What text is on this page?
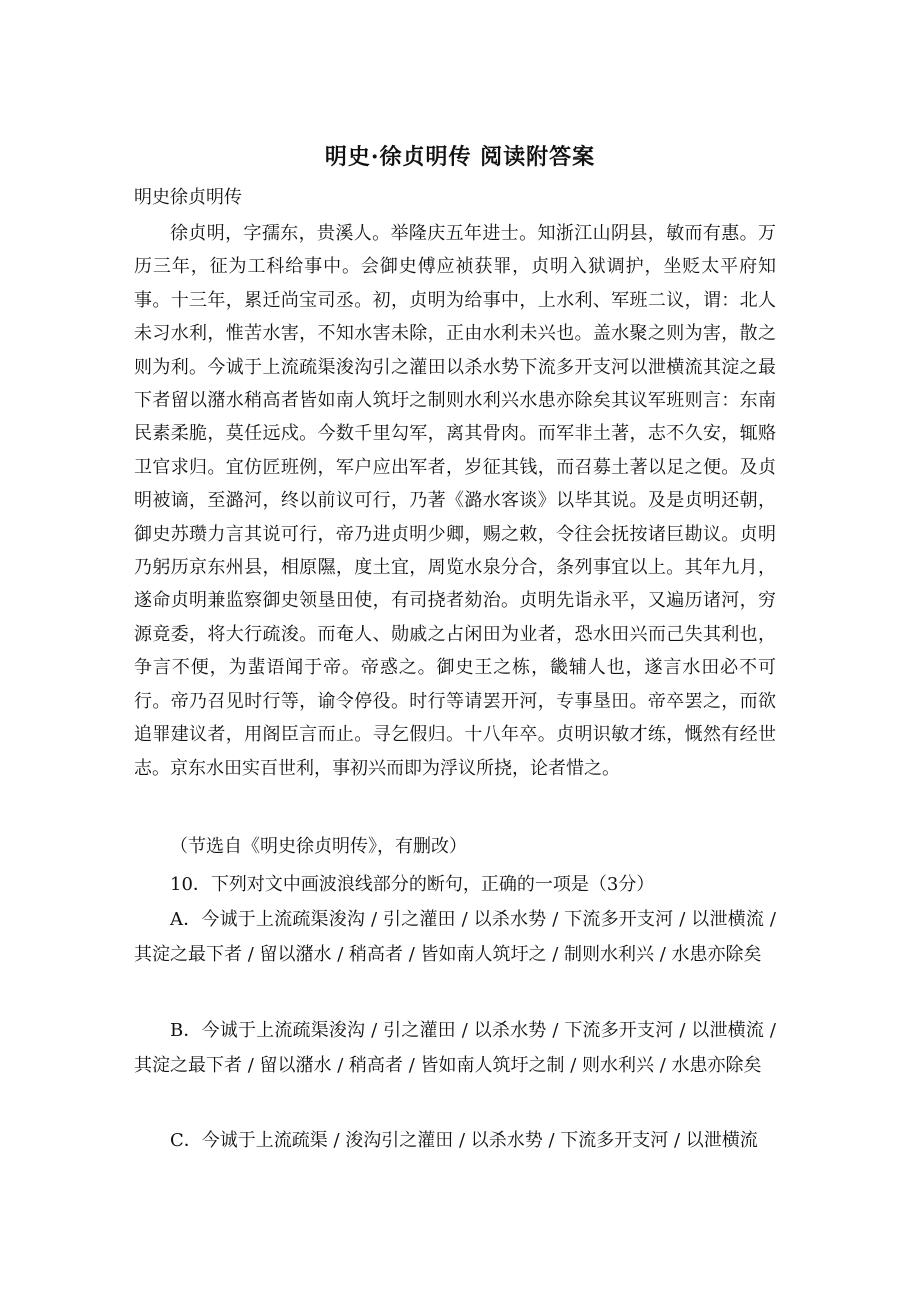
明史·徐贞明传 阅读附答案

明史徐贞明传

徐贞明，字孺东，贵溪人。举隆庆五年进士。知浙江山阴县，敏而有惠。万历三年，征为工科给事中。会御史傅应祯获罪，贞明入狱调护，坐贬太平府知事。十三年，累迁尚宝司丞。初，贞明为给事中，上水利、军班二议，谓：北人未习水利，惟苦水害，不知水害未除，正由水利未兴也。盖水聚之则为害，散之则为利。今诚于上流疏渠浚沟引之灌田以杀水势下流多开支河以泄横流其淀之最下者留以潴水稍高者皆如南人筑圩之制则水利兴水患亦除矣其议军班则言：东南民素柔脆，莫任远戍。今数千里勾军，离其骨肉。而军非土著，志不久安，辄赂卫官求归。宜仿匠班例，军户应出军者，岁征其钱，而召募土著以足之便。及贞明被谪，至潞河，终以前议可行，乃著《潞水客谈》以毕其说。及是贞明还朝，御史苏瓒力言其说可行，帝乃进贞明少卿，赐之敕，令往会抚按诸巨勘议。贞明乃躬历京东州县，相原隰，度土宜，周览水泉分合，条列事宜以上。其年九月，遂命贞明兼监察御史领垦田使，有司挠者劾治。贞明先诣永平，又遍历诸河，穷源竟委，将大行疏浚。而奄人、勋戚之占闲田为业者，恐水田兴而己失其利也，争言不便，为蜚语闻于帝。帝惑之。御史王之栋，畿辅人也，遂言水田必不可行。帝乃召见时行等，谕令停役。时行等请罢开河，专事垦田。帝卒罢之，而欲追罪建议者，用阁臣言而止。寻乞假归。十八年卒。贞明识敏才练，慨然有经世志。京东水田实百世利，事初兴而即为浮议所挠，论者惜之。

（节选自《明史徐贞明传》，有删改）
10．下列对文中画波浪线部分的断句，正确的一项是（3分）

A．今诚于上流疏渠浚沟 / 引之灌田 / 以杀水势 / 下流多开支河 / 以泄横流 / 其淀之最下者 / 留以潴水 / 稍高者 / 皆如南人筑圩之 / 制则水利兴 / 水患亦除矣

B．今诚于上流疏渠浚沟 / 引之灌田 / 以杀水势 / 下流多开支河 / 以泄横流 / 其淀之最下者 / 留以潴水 / 稍高者 / 皆如南人筑圩之制 / 则水利兴 / 水患亦除矣

C．今诚于上流疏渠 / 浚沟引之灌田 / 以杀水势 / 下流多开支河 / 以泄横流
